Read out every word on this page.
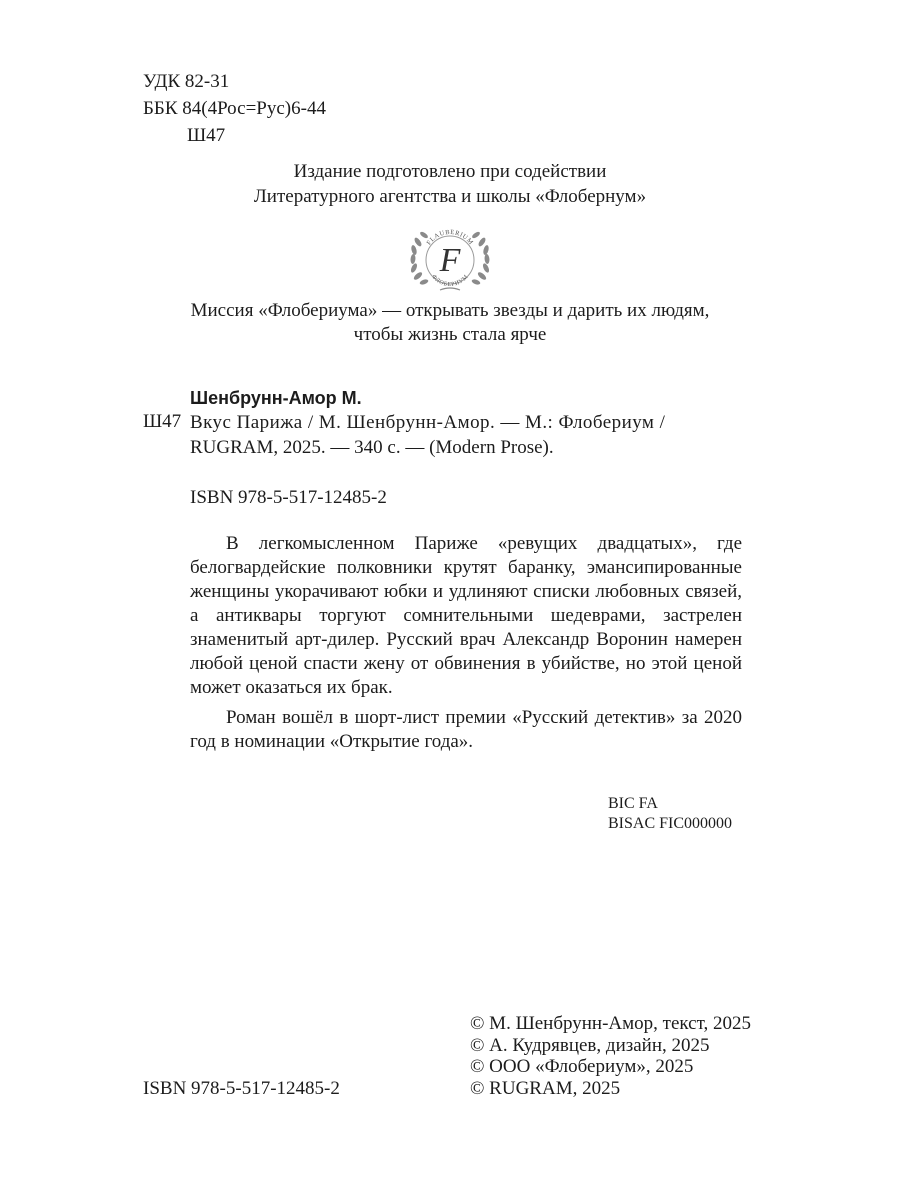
УДК 82-31
ББК 84(4Рос=Рус)6-44
Ш47
Издание подготовлено при содействии
Литературного агентства и школы «Флобернум»
FLAUBERIUM
ФЛОБЕРИУМ
F
Миссия «Флобериума» — открывать звезды и дарить их людям,
чтобы жизнь стала ярче
Шенбрунн-Амор М.
Ш47 Вкус Парижа / М. Шенбрунн-Амор. — М.: Флобериум /
RUGRAM, 2025. — 340 с. — (Modern Prose).
ISBN 978-5-517-12485-2
В легкомысленном Париже «ревущих двадцатых», где белогвардейские полковники крутят баранку, эмансипированные женщины укорачивают юбки и удлиняют списки любовных связей, а антиквары торгуют сомнительными шедеврами, застрелен знаменитый арт-дилер. Русский врач Александр Воронин намерен любой ценой спасти жену от обвинения в убийстве, но этой ценой может оказаться их брак.
Роман вошёл в шорт-лист премии «Русский детектив» за 2020 год в номинации «Открытие года».
BIC FA
BISAC FIC000000
ISBN 978-5-517-12485-2
© М. Шенбрунн-Амор, текст, 2025
© А. Кудрявцев, дизайн, 2025
© ООО «Флобериум», 2025
© RUGRAM, 2025
